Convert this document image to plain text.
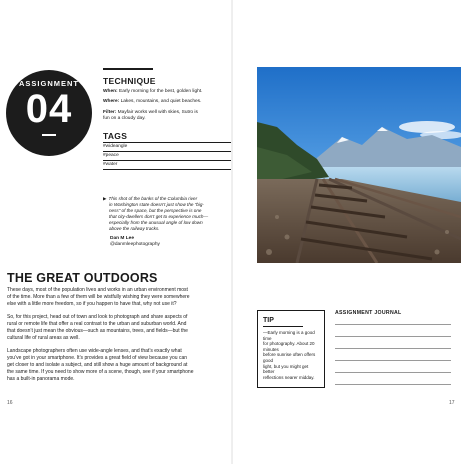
ASSIGNMENT
04
TECHNIQUE
When: Early morning for the best, golden light.
Where: Lakes, mountains, and quiet beaches.
Filter: Mayfair works well with skies, Sutro is fun on a cloudy day.
TAGS
#wideangle
#peace
#water
▶ This shot of the banks of the Columbia river
in Washington state doesn’t just show the “big-
ness” of the space, but the perspective is one
that city-dwellers don’t get to experience much—
especially from the unusual angle of low down
above the railway tracks.
Dan M Lee
@danmleephotography
THE GREAT OUTDOORS
These days, most of the population lives and works in an urban environment most
of the time. More than a few of them will be wistfully wishing they were somewhere
else with a little more freedom, so if you happen to have that, why not use it?
So, for this project, head out of town and look to photograph and share aspects of
rural or remote life that offer a real contrast to the urban and suburban world. And
that doesn’t just mean the obvious—such as mountains, trees, and fields—but the
cultural life of rural areas as well.
Landscape photographers often use wide-angle lenses, and that’s exactly what
you’ve got in your smartphone. It’s provides a great field of view because you can
get closer to and isolate a subject, and still show a huge amount of background at
the same time. If you need to show more of a scene, though, see if your smartphone
has a built-in panorama mode.
TIP
—Early morning is a good time
for photography. About 20 minutes
before sunrise often offers good
light, but you might get better
reflections nearer midday.
ASSIGNMENT JOURNAL
16	17
